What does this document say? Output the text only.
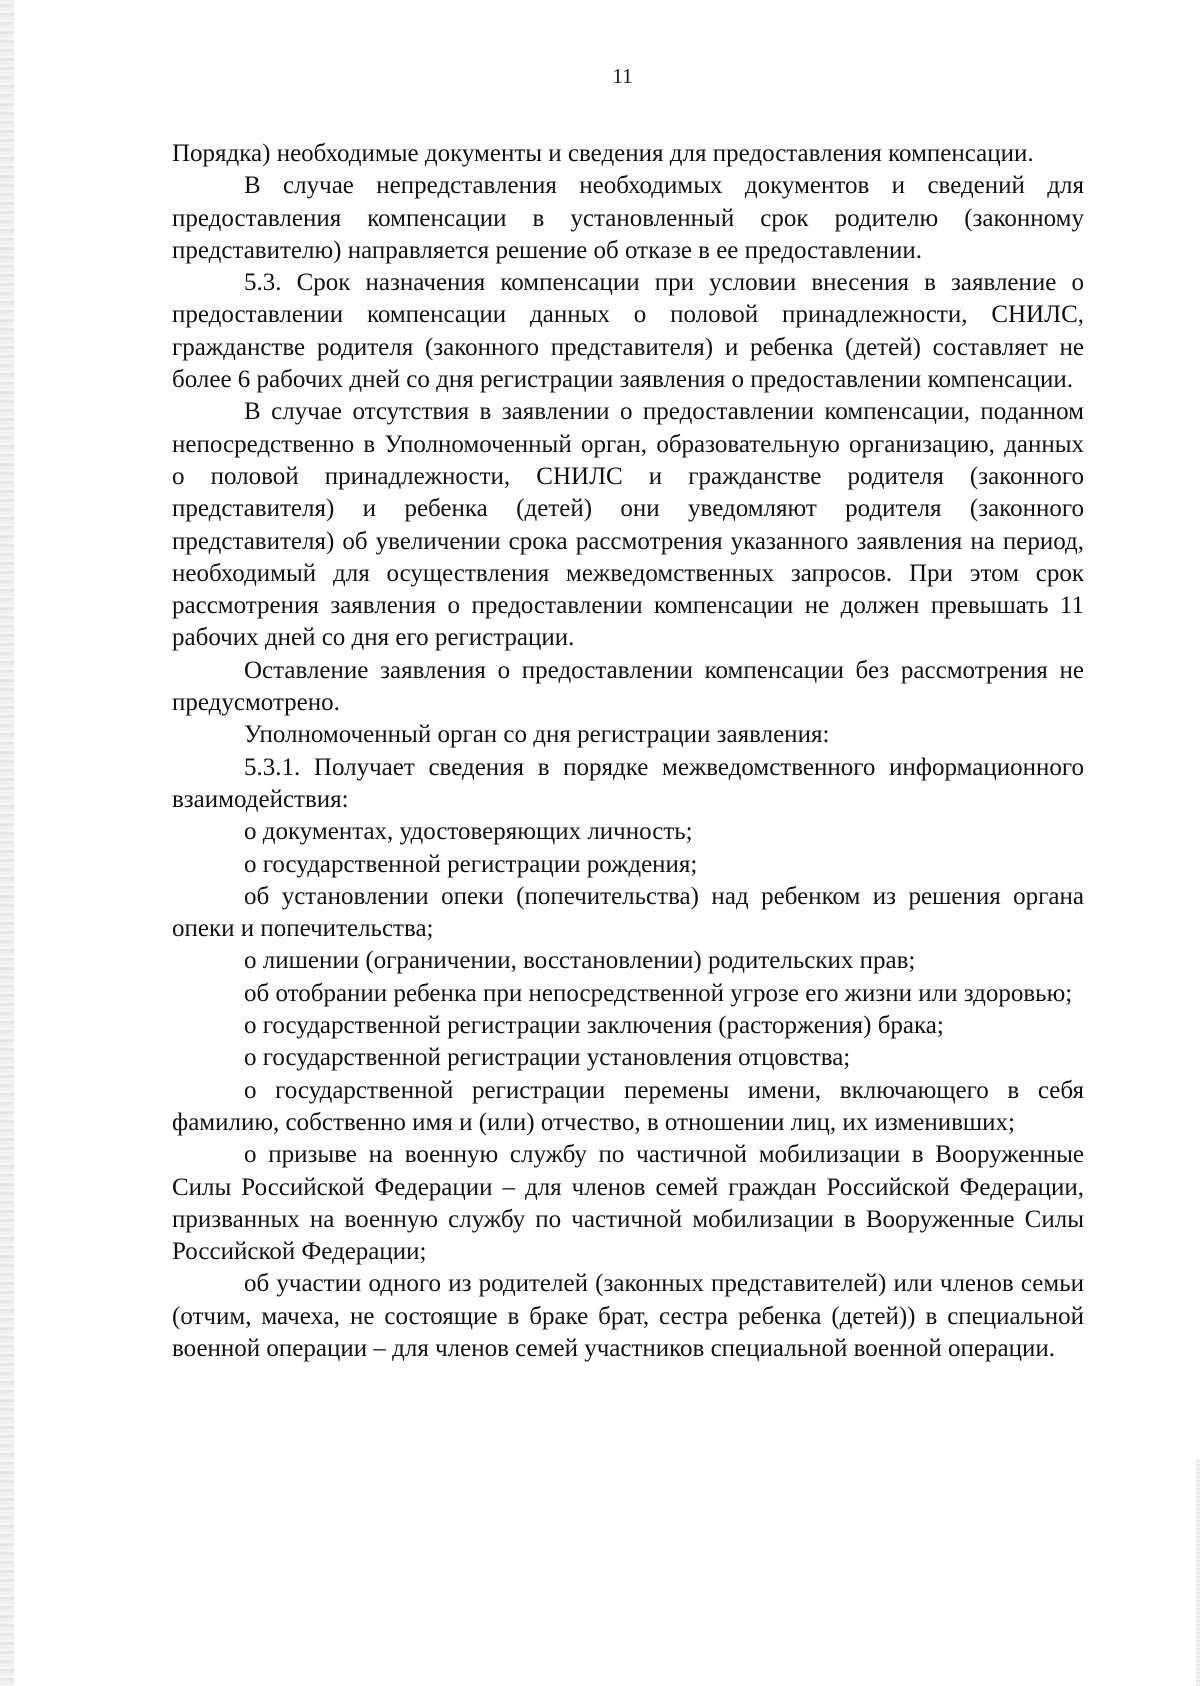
11

Порядка) необходимые документы и сведения для предоставления компенсации.

В случае непредставления необходимых документов и сведений для предоставления компенсации в установленный срок родителю (законному представителю) направляется решение об отказе в ее предоставлении.

5.3. Срок назначения компенсации при условии внесения в заявление о предоставлении компенсации данных о половой принадлежности, СНИЛС, гражданстве родителя (законного представителя) и ребенка (детей) составляет не более 6 рабочих дней со дня регистрации заявления о предоставлении компенсации.

В случае отсутствия в заявлении о предоставлении компенсации, поданном непосредственно в Уполномоченный орган, образовательную организацию, данных о половой принадлежности, СНИЛС и гражданстве родителя (законного представителя) и ребенка (детей) они уведомляют родителя (законного представителя) об увеличении срока рассмотрения указанного заявления на период, необходимый для осуществления межведомственных запросов. При этом срок рассмотрения заявления о предоставлении компенсации не должен превышать 11 рабочих дней со дня его регистрации.

Оставление заявления о предоставлении компенсации без рассмотрения не предусмотрено.

Уполномоченный орган со дня регистрации заявления:

5.3.1. Получает сведения в порядке межведомственного информационного взаимодействия:

о документах, удостоверяющих личность;

о государственной регистрации рождения;

об установлении опеки (попечительства) над ребенком из решения органа опеки и попечительства;

о лишении (ограничении, восстановлении) родительских прав;

об отобрании ребенка при непосредственной угрозе его жизни или здоровью;

о государственной регистрации заключения (расторжения) брака;

о государственной регистрации установления отцовства;

о государственной регистрации перемены имени, включающего в себя фамилию, собственно имя и (или) отчество, в отношении лиц, их изменивших;

о призыве на военную службу по частичной мобилизации в Вооруженные Силы Российской Федерации – для членов семей граждан Российской Федерации, призванных на военную службу по частичной мобилизации в Вооруженные Силы Российской Федерации;

об участии одного из родителей (законных представителей) или членов семьи (отчим, мачеха, не состоящие в браке брат, сестра ребенка (детей)) в специальной военной операции – для членов семей участников специальной военной операции.
